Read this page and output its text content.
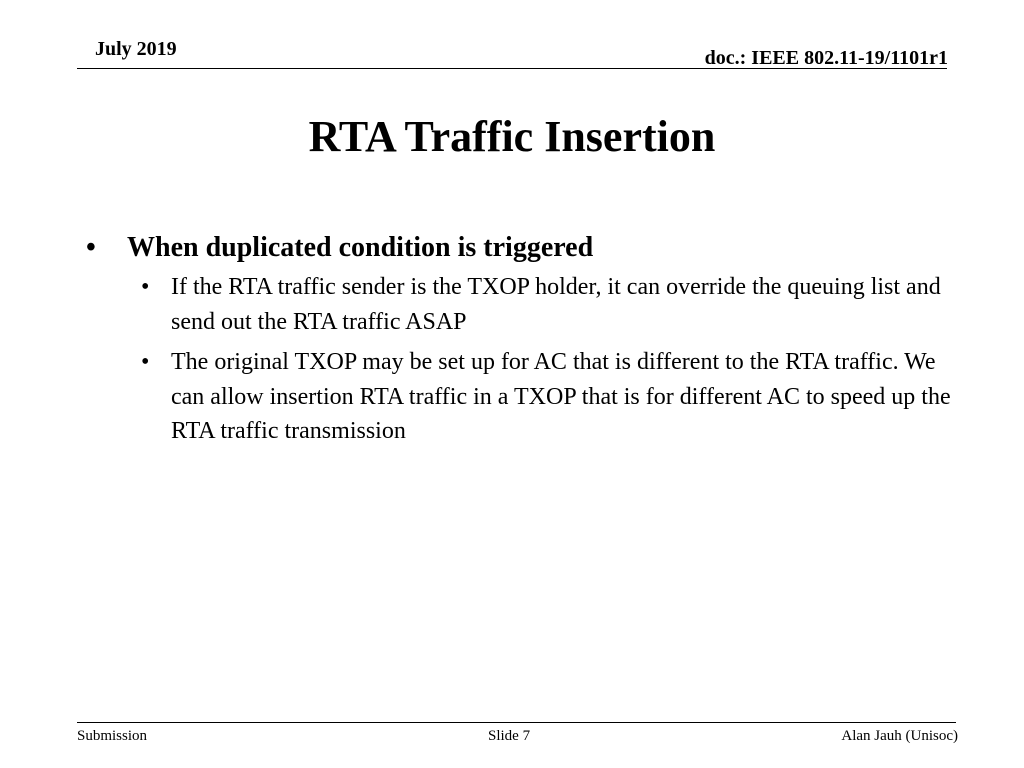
July 2019	doc.: IEEE 802.11-19/1101r1
RTA Traffic Insertion
• When duplicated condition is triggered
• If the RTA traffic sender is the TXOP holder, it can override the queuing list and send out the RTA traffic ASAP
• The original TXOP may be set up for AC that is different to the RTA traffic. We can allow insertion RTA traffic in a TXOP that is for different AC to speed up the RTA traffic transmission
Submission	Slide 7	Alan Jauh (Unisoc)
